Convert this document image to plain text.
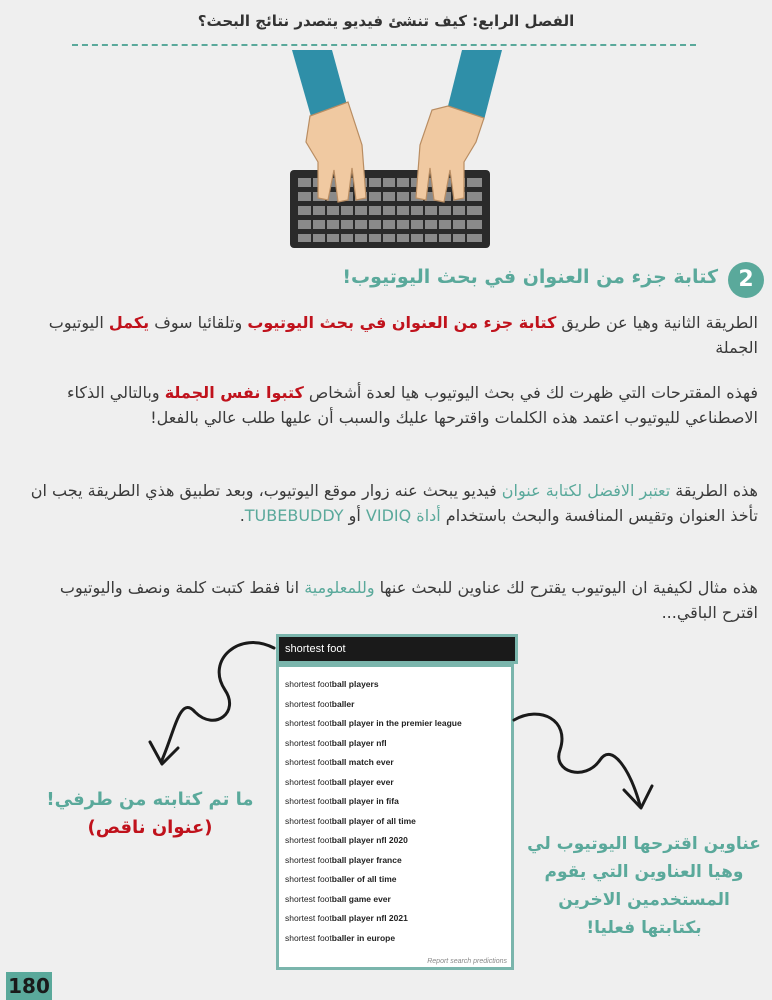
الفصل الرابع: كيف تنشئ فيديو يتصدر نتائج البحث؟
2
كتابة جزء من العنوان في بحث اليوتيوب!
الطريقة الثانية وهيا عن طريق كتابة جزء من العنوان في بحث اليوتيوب وتلقائيا سوف يكمل اليوتيوب الجملة
فهذه المقترحات التي ظهرت لك في بحث اليوتيوب هيا لعدة أشخاص كتبوا نفس الجملة وبالتالي الذكاء الاصطناعي لليوتيوب اعتمد هذه الكلمات واقترحها عليك والسبب أن عليها طلب عالي بالفعل!
هذه الطريقة تعتبر الافضل لكتابة عنوان فيديو يبحث عنه زوار موقع اليوتيوب، وبعد تطبيق هذي الطريقة يجب ان تأخذ العنوان وتقيس المنافسة والبحث باستخدام أداة VIDIQ أو TUBEBUDDY.
هذه مثال لكيفية ان اليوتيوب يقترح لك عناوين للبحث عنها وللمعلومية انا فقط كتبت كلمة ونصف واليوتيوب اقترح الباقي...
shortest foot
shortest football players
shortest footballer
shortest football player in the premier league
shortest football player nfl
shortest football match ever
shortest football player ever
shortest football player in fifa
shortest football player of all time
shortest football player nfl 2020
shortest football player france
shortest footballer of all time
shortest football game ever
shortest football player nfl 2021
shortest footballer in europe
Report search predictions
ما تم كتابته من طرفي!
(عنوان ناقص)
عناوين اقترحها اليوتيوب لي وهيا العناوين التي يقوم المستخدمين الاخرين بكتابتها فعليا!
180
